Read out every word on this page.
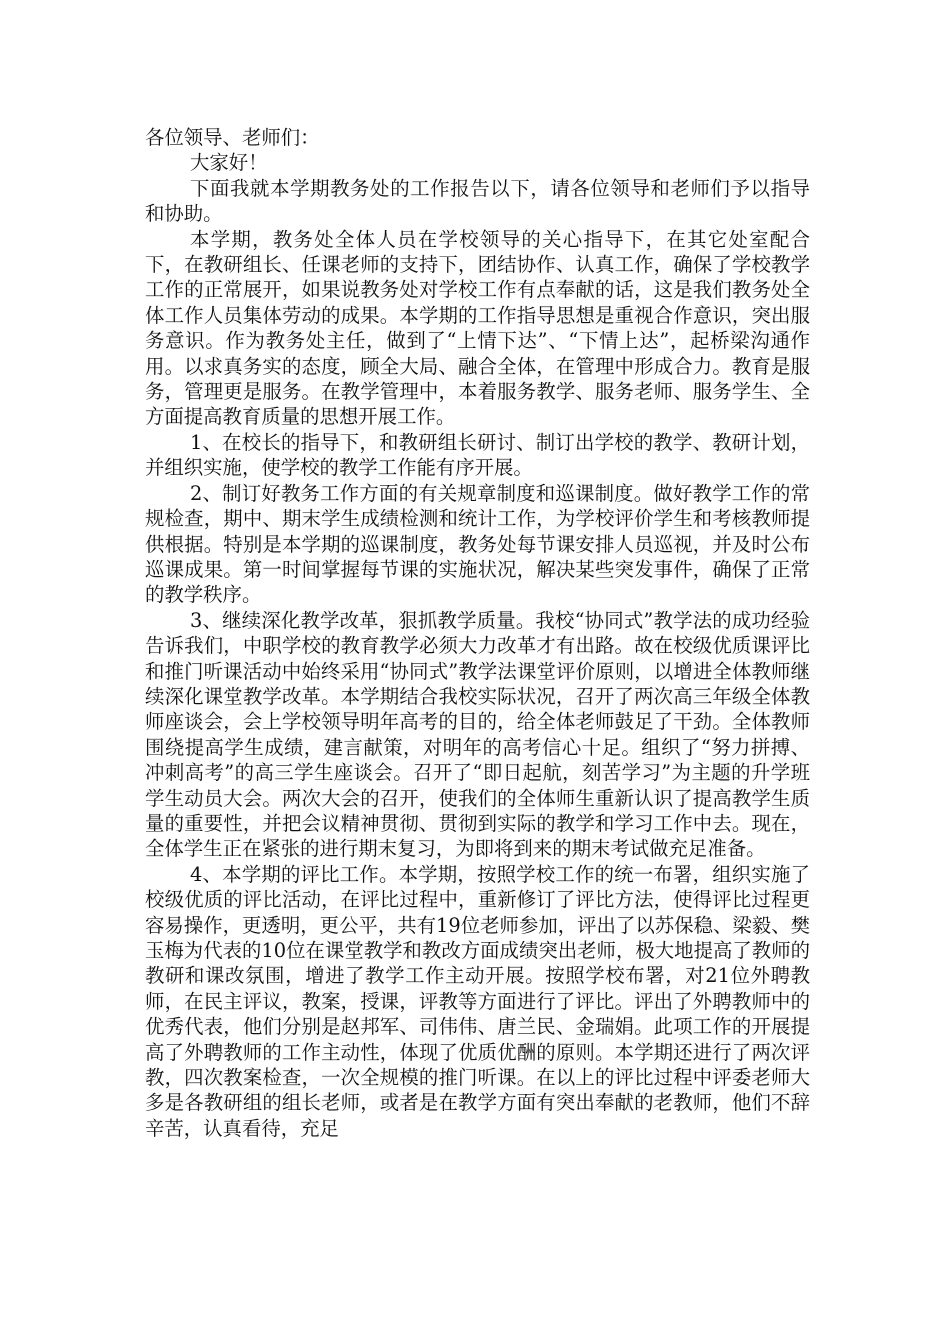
各位领导、老师们：

大家好！

下面我就本学期教务处的工作报告以下，请各位领导和老师们予以指导和协助。

本学期，教务处全体人员在学校领导的关心指导下，在其它处室配合下，在教研组长、任课老师的支持下，团结协作、认真工作，确保了学校教学工作的正常展开，如果说教务处对学校工作有点奉献的话，这是我们教务处全体工作人员集体劳动的成果。本学期的工作指导思想是重视合作意识，突出服务意识。作为教务处主任，做到了“上情下达”、“下情上达”，起桥梁沟通作用。以求真务实的态度，顾全大局、融合全体，在管理中形成合力。教育是服务，管理更是服务。在教学管理中，本着服务教学、服务老师、服务学生、全方面提高教育质量的思想开展工作。

1、在校长的指导下，和教研组长研讨、制订出学校的教学、教研计划，并组织实施，使学校的教学工作能有序开展。

2、制订好教务工作方面的有关规章制度和巡课制度。做好教学工作的常规检查，期中、期末学生成绩检测和统计工作，为学校评价学生和考核教师提供根据。特别是本学期的巡课制度，教务处每节课安排人员巡视，并及时公布巡课成果。第一时间掌握每节课的实施状况，解决某些突发事件，确保了正常的教学秩序。

3、继续深化教学改革，狠抓教学质量。我校“协同式”教学法的成功经验告诉我们，中职学校的教育教学必须大力改革才有出路。故在校级优质课评比和推门听课活动中始终采用“协同式”教学法课堂评价原则，以增进全体教师继续深化课堂教学改革。本学期结合我校实际状况，召开了两次高三年级全体教师座谈会，会上学校领导明年高考的目的，给全体老师鼓足了干劲。全体教师围绕提高学生成绩，建言献策，对明年的高考信心十足。组织了“努力拼搏、冲刺高考”的高三学生座谈会。召开了“即日起航，刻苦学习”为主题的升学班学生动员大会。两次大会的召开，使我们的全体师生重新认识了提高教学生质量的重要性，并把会议精神贯彻、贯彻到实际的教学和学习工作中去。现在，全体学生正在紧张的进行期末复习，为即将到来的期末考试做充足准备。

4、本学期的评比工作。本学期，按照学校工作的统一布署，组织实施了校级优质的评比活动，在评比过程中，重新修订了评比方法，使得评比过程更容易操作，更透明，更公平，共有19位老师参加，评出了以苏保稳、梁毅、樊玉梅为代表的10位在课堂教学和教改方面成绩突出老师，极大地提高了教师的教研和课改氛围，增进了教学工作主动开展。按照学校布署，对21位外聘教师，在民主评议，教案，授课，评教等方面进行了评比。评出了外聘教师中的优秀代表，他们分别是赵邦军、司伟伟、唐兰民、金瑞娟。此项工作的开展提高了外聘教师的工作主动性，体现了优质优酬的原则。本学期还进行了两次评教，四次教案检查，一次全规模的推门听课。在以上的评比过程中评委老师大多是各教研组的组长老师，或者是在教学方面有突出奉献的老教师，他们不辞辛苦，认真看待，充足
